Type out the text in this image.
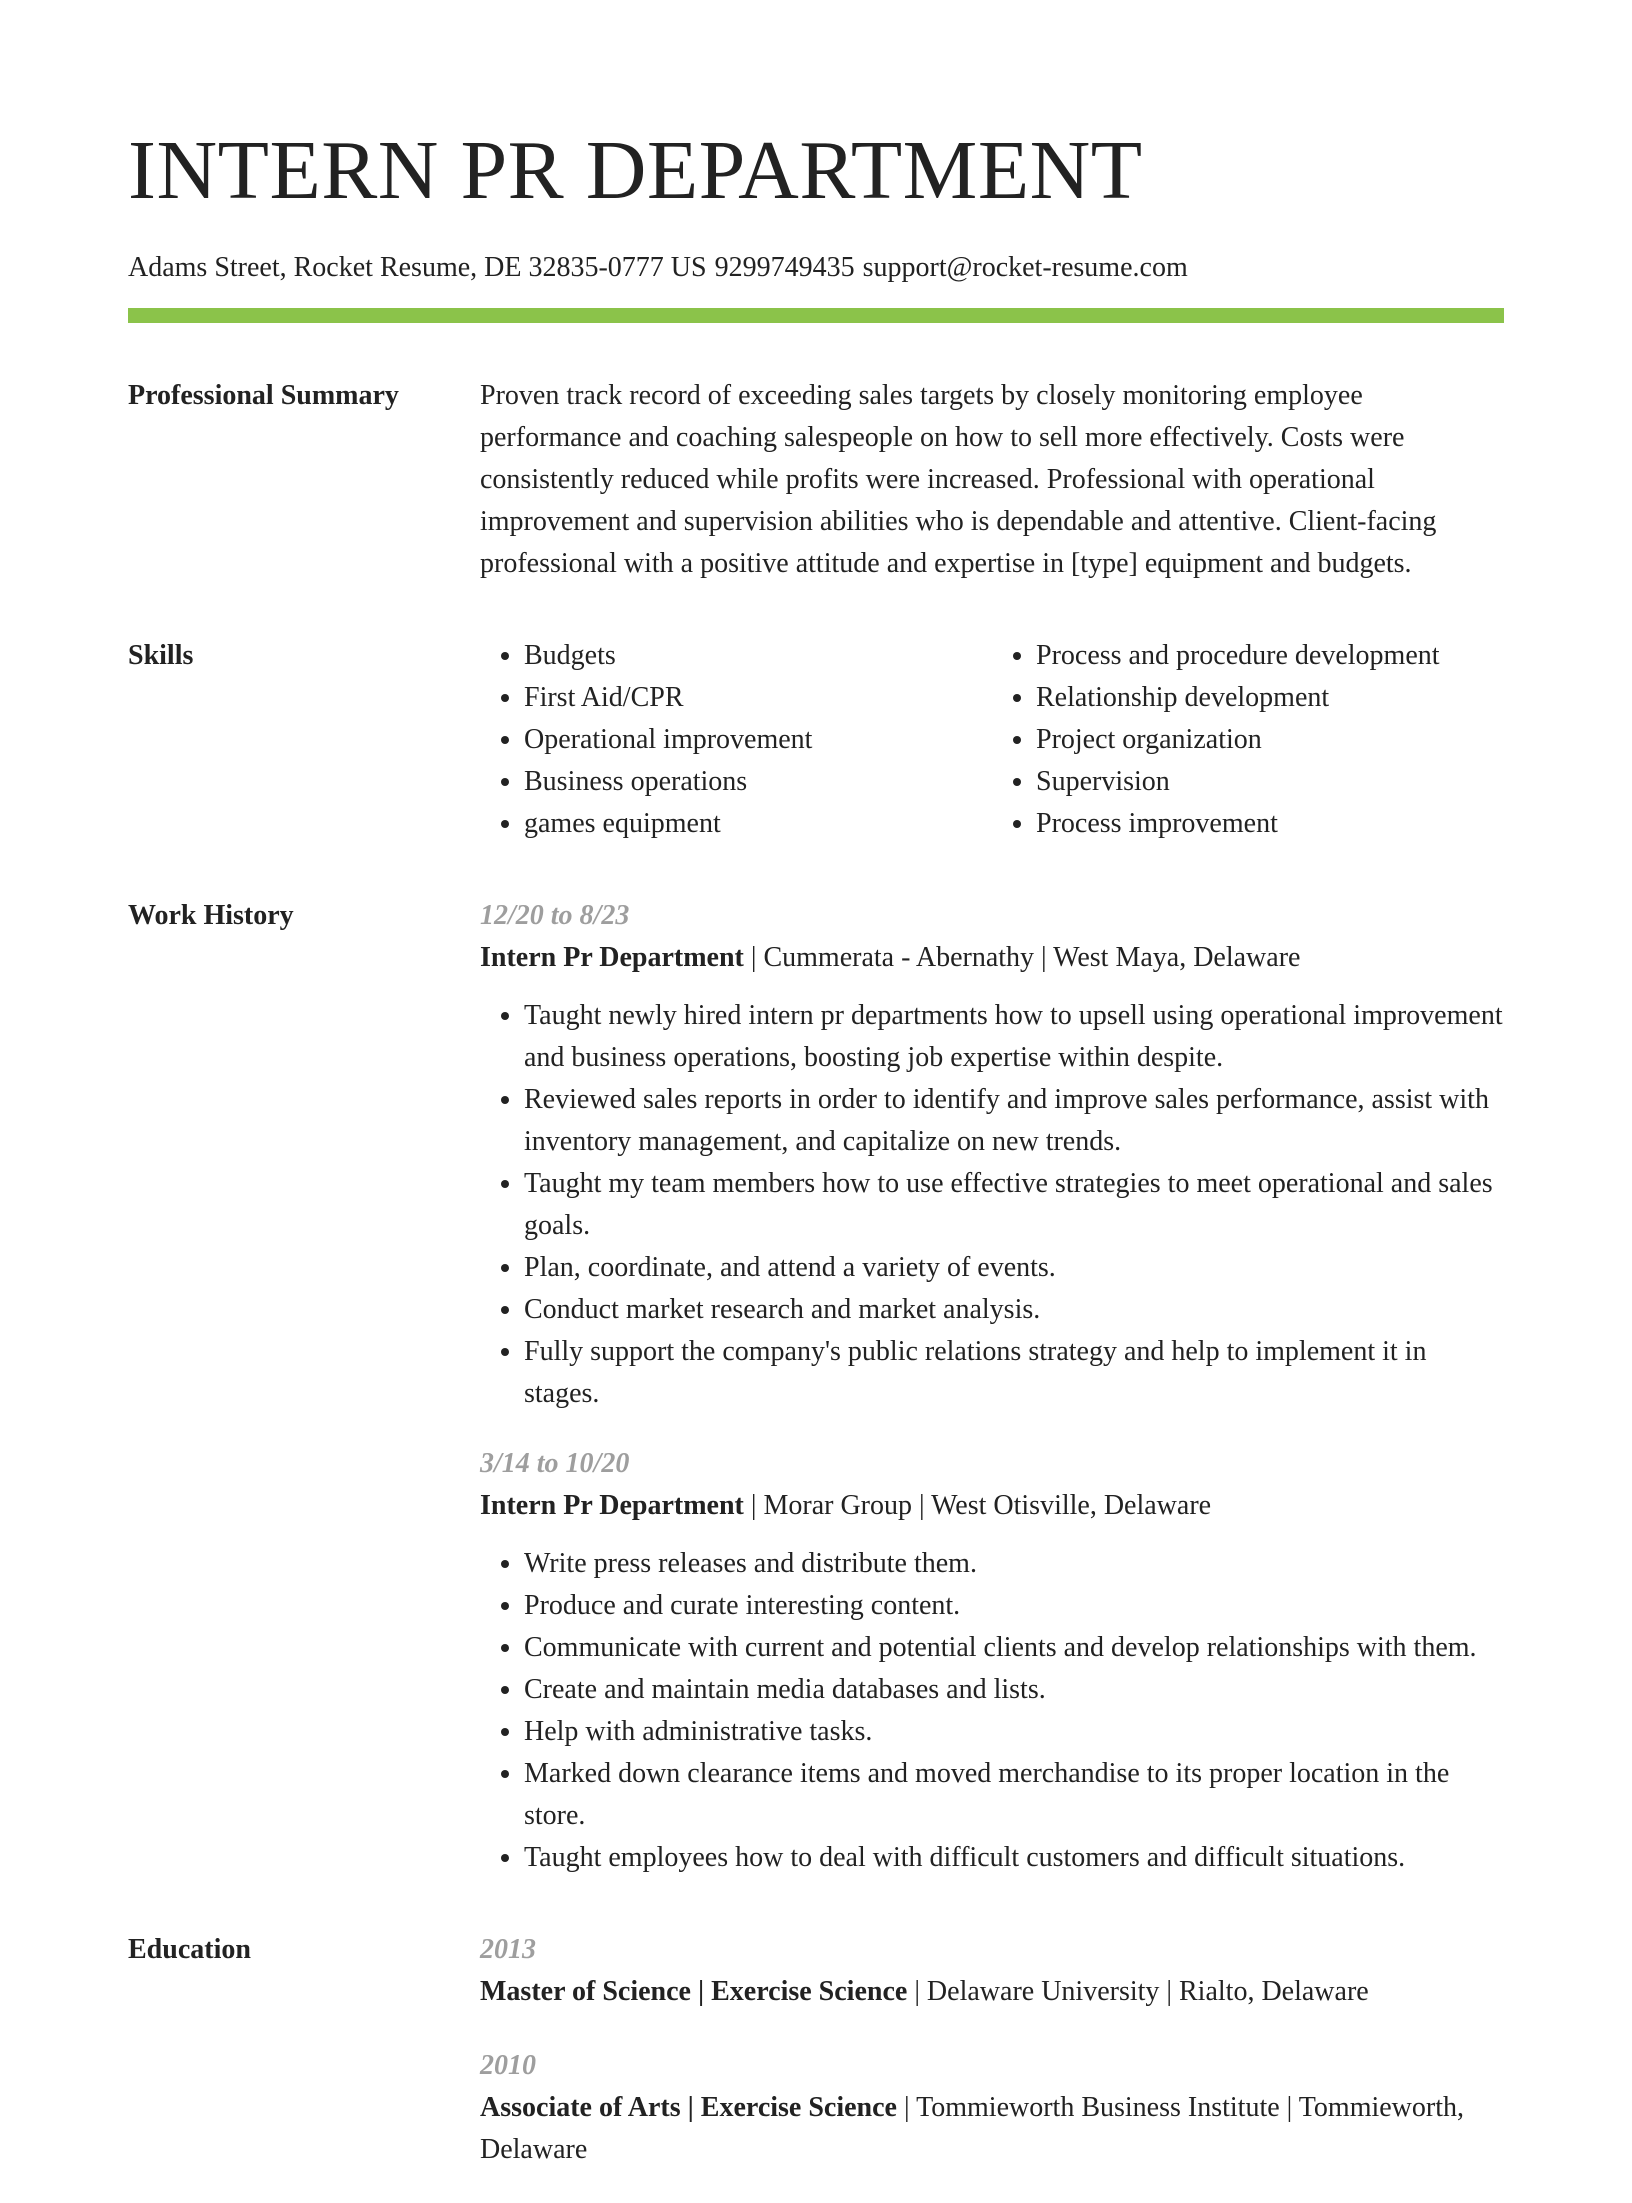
INTERN PR DEPARTMENT
Adams Street, Rocket Resume, DE 32835-0777 US 9299749435 support@rocket-resume.com
Professional Summary	Proven track record of exceeding sales targets by closely monitoring employee performance and coaching salespeople on how to sell more effectively. Costs were consistently reduced while profits were increased. Professional with operational improvement and supervision abilities who is dependable and attentive. Client-facing professional with a positive attitude and expertise in [type] equipment and budgets.

Skills
•	Budgets
• First Aid/CPR
• Operational improvement
• Business operations
• games equipment
• Process and procedure development
• Relationship development
• Project organization
• Supervision
• Process improvement
Work History	12/20 to 8/23
Intern Pr Department | Cummerata - Abernathy | West Maya, Delaware
• Taught newly hired intern pr departments how to upsell using operational improvement and business operations, boosting job expertise within despite.
• Reviewed sales reports in order to identify and improve sales performance, assist with inventory management, and capitalize on new trends.
• Taught my team members how to use effective strategies to meet operational and sales goals.
• Plan, coordinate, and attend a variety of events.
• Conduct market research and market analysis.
• Fully support the company's public relations strategy and help to implement it in stages.
3/14 to 10/20
Intern Pr Department | Morar Group | West Otisville, Delaware
• Write press releases and distribute them.
• Produce and curate interesting content.
• Communicate with current and potential clients and develop relationships with them.
• Create and maintain media databases and lists.
• Help with administrative tasks.
• Marked down clearance items and moved merchandise to its proper location in the store.
• Taught employees how to deal with difficult customers and difficult situations.
Education	2013
Master of Science | Exercise Science | Delaware University | Rialto, Delaware
2010
Associate of Arts | Exercise Science | Tommieworth Business Institute | Tommieworth, Delaware
